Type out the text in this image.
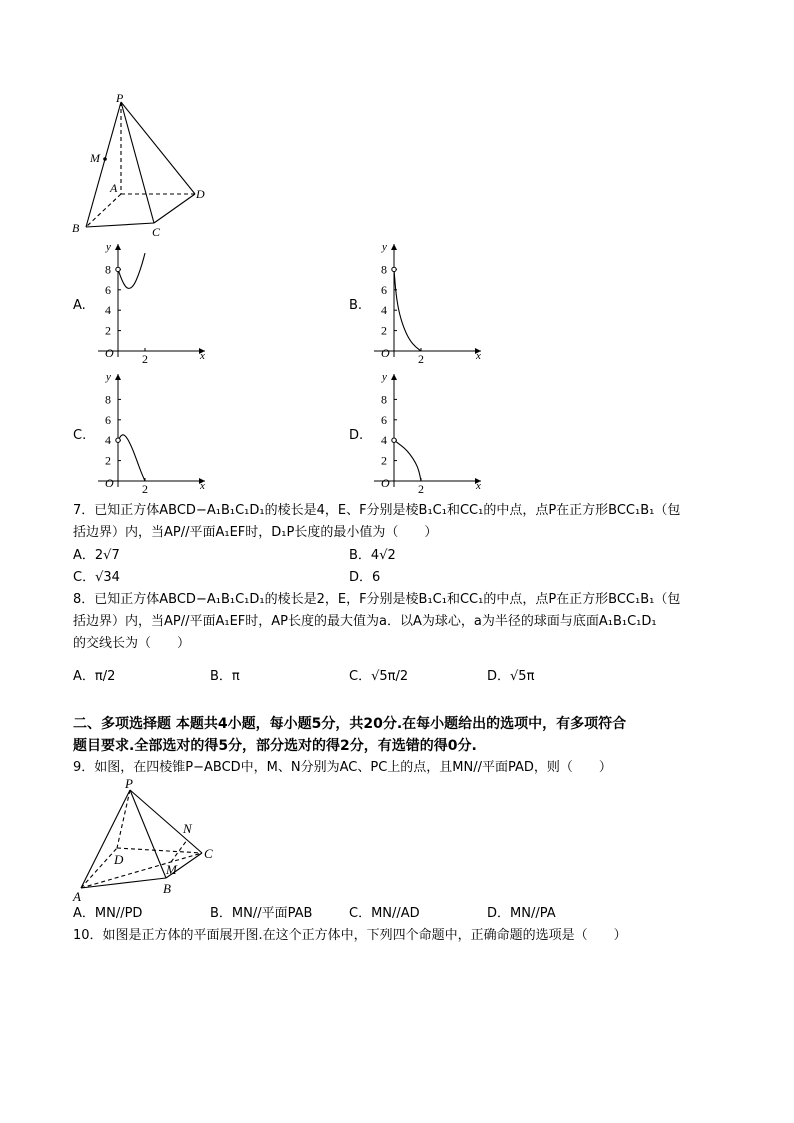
P
M
A	D
B	C
A.	B.
C.	D.
x
y
O
2
4
6
8
2	x
y
O
2
4
6
8
2
x
y
O
2
4
6
8
2	x
y
O
2
4
6
8
2
7．已知正方体ABCD−A₁B₁C₁D₁的棱长是4，E、F分别是棱B₁C₁和CC₁的中点，点P在正方形BCC₁B₁（包
括边界）内，当AP//平面A₁EF时，D₁P长度的最小值为（　　）
A．2√7	B．4√2
C．√34	D．6
8．已知正方体ABCD−A₁B₁C₁D₁的棱长是2，E，F分别是棱B₁C₁和CC₁的中点，点P在正方形BCC₁B₁（包
括边界）内，当AP//平面A₁EF时，AP长度的最大值为a．以A为球心，a为半径的球面与底面A₁B₁C₁D₁
的交线长为（　　）
A．π/2	B．π	C．√5π/2	D．√5π
二、多项选择题 本题共4小题，每小题5分，共20分.在每小题给出的选项中，有多项符合
题目要求.全部选对的得5分，部分选对的得2分，有选错的得0分.
9．如图，在四棱锥P−ABCD中，M、N分别为AC、PC上的点，且MN//平面PAD，则（　　）
P
N
C
D
M
A
B
A．MN//PD	B．MN//平面PAB	C．MN//AD	D．MN//PA
10．如图是正方体的平面展开图.在这个正方体中，下列四个命题中，正确命题的选项是（　　）
